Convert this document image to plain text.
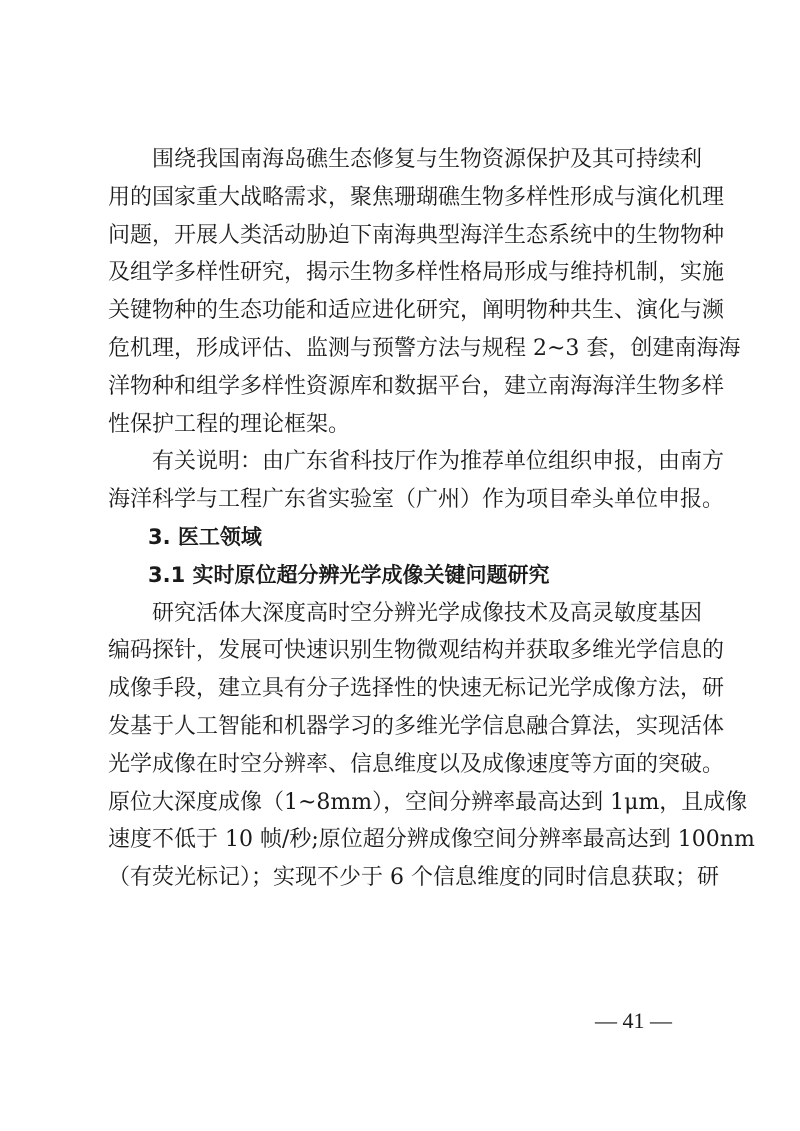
围绕我国南海岛礁生态修复与生物资源保护及其可持续利
用的国家重大战略需求，聚焦珊瑚礁生物多样性形成与演化机理
问题，开展人类活动胁迫下南海典型海洋生态系统中的生物物种
及组学多样性研究，揭示生物多样性格局形成与维持机制，实施
关键物种的生态功能和适应进化研究，阐明物种共生、演化与濒
危机理，形成评估、监测与预警方法与规程 2~3 套，创建南海海
洋物种和组学多样性资源库和数据平台，建立南海海洋生物多样
性保护工程的理论框架。
有关说明：由广东省科技厅作为推荐单位组织申报，由南方
海洋科学与工程广东省实验室（广州）作为项目牵头单位申报。
3. 医工领域
3.1 实时原位超分辨光学成像关键问题研究
研究活体大深度高时空分辨光学成像技术及高灵敏度基因
编码探针，发展可快速识别生物微观结构并获取多维光学信息的
成像手段，建立具有分子选择性的快速无标记光学成像方法，研
发基于人工智能和机器学习的多维光学信息融合算法，实现活体
光学成像在时空分辨率、信息维度以及成像速度等方面的突破。
原位大深度成像（1~8mm），空间分辨率最高达到 1μm，且成像
速度不低于 10 帧/秒;原位超分辨成像空间分辨率最高达到 100nm
（有荧光标记）；实现不少于 6 个信息维度的同时信息获取；研
— 41 —
